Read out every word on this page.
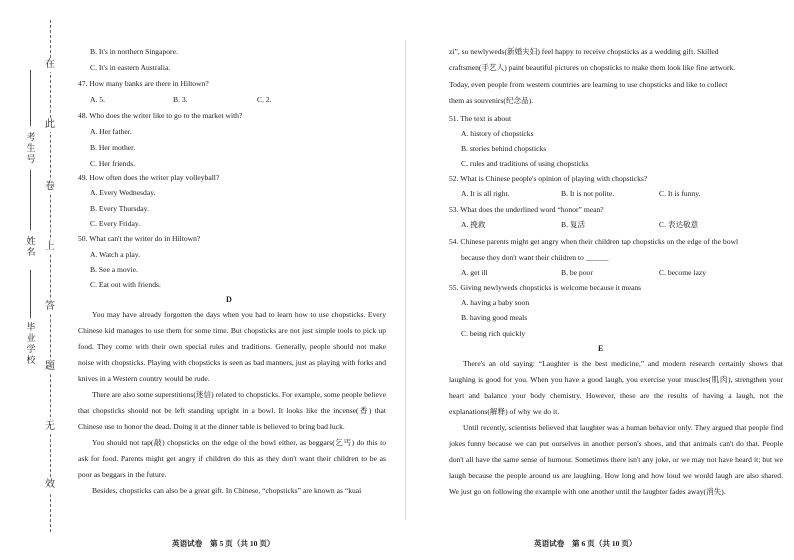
在
此
卷
上
答
题
无
效
考生号
姓名
毕业学校
B. It's in northern Singapore.
C. It's in eastern Australia.
47. How many banks are there in Hiltown?
A. 5.	B. 3.	C. 2.
48. Who does the writer like to go to the market with?
A. Her father.
B. Her mother.
C. Her friends.
49. How often does the writer play volleyball?
A. Every Wednesday.
B. Every Thursday.
C. Every Friday.
50. What can't the writer do in Hiltown?
A. Watch a play.
B. See a movie.
C. Eat out with friends.
D

You may have already forgotten the days when you had to learn how to use chopsticks. Every Chinese kid manages to use them for some time. But chopsticks are not just simple tools to pick up food. They come with their own special rules and traditions. Generally, people should not make noise with chopsticks. Playing with chopsticks is seen as bad manners, just as playing with forks and knives in a Western country would be rude.

There are also some superstitions(迷信) related to chopsticks. For example, some people believe that chopsticks should not be left standing upright in a bowl. It looks like the incense(香) that Chinese use to honor the dead. Doing it at the dinner table is believed to bring bad luck.

You should not tap(敲) chopsticks on the edge of the bowl either, as beggars(乞丐) do this to ask for food. Parents might get angry if children do this as they don't want their children to be as poor as beggars in the future.

Besides, chopsticks can also be a great gift. In Chinese, “chopsticks” are known as “kuai

英语试卷　第 5 页（共 10 页）
zi”, so newlyweds(新婚夫妇) feel happy to receive chopsticks as a wedding gift. Skilled
craftsmen(手艺人) paint beautiful pictures on chopsticks to make them look like fine artwork.
Today, even people from western countries are learning to use chopsticks and like to collect
them as souvenirs(纪念品).
51. The text is about
A. history of chopsticks
B. stories behind chopsticks
C. rules and traditions of using chopsticks
52. What is Chinese people's opinion of playing with chopsticks?
A. It is all right.	B. It is not polite.	C. It is funny.
53. What does the underlined word “honor” mean?
A. 挽救	B. 复活	C. 表达敬意
54. Chinese parents might get angry when their children tap chopsticks on the edge of the bowl
because they don't want their children to ______
A. get ill	B. be poor	C. become lazy
55. Giving newlyweds chopsticks is welcome because it means
A. having a baby soon
B. having good meals
C. being rich quickly
E

There's an old saying: “Laughter is the best medicine,” and modern research certainly shows that laughing is good for you. When you have a good laugh, you exercise your muscles(肌肉), strengthen your heart and balance your body chemistry. However, these are the results of having a laugh, not the explanations(解释) of why we do it.

Until recently, scientists believed that laughter was a human behavior only. They argued that people find jokes funny because we can put ourselves in another person's shoes, and that animals can't do that. People don't all have the same sense of humour. Sometimes there isn't any joke, or we may not have heard it; but we laugh because the people around us are laughing. How long and how loud we would laugh are also shared. We just go on following the example with one another until the laughter fades away(消失).

英语试卷　第 6 页（共 10 页）
